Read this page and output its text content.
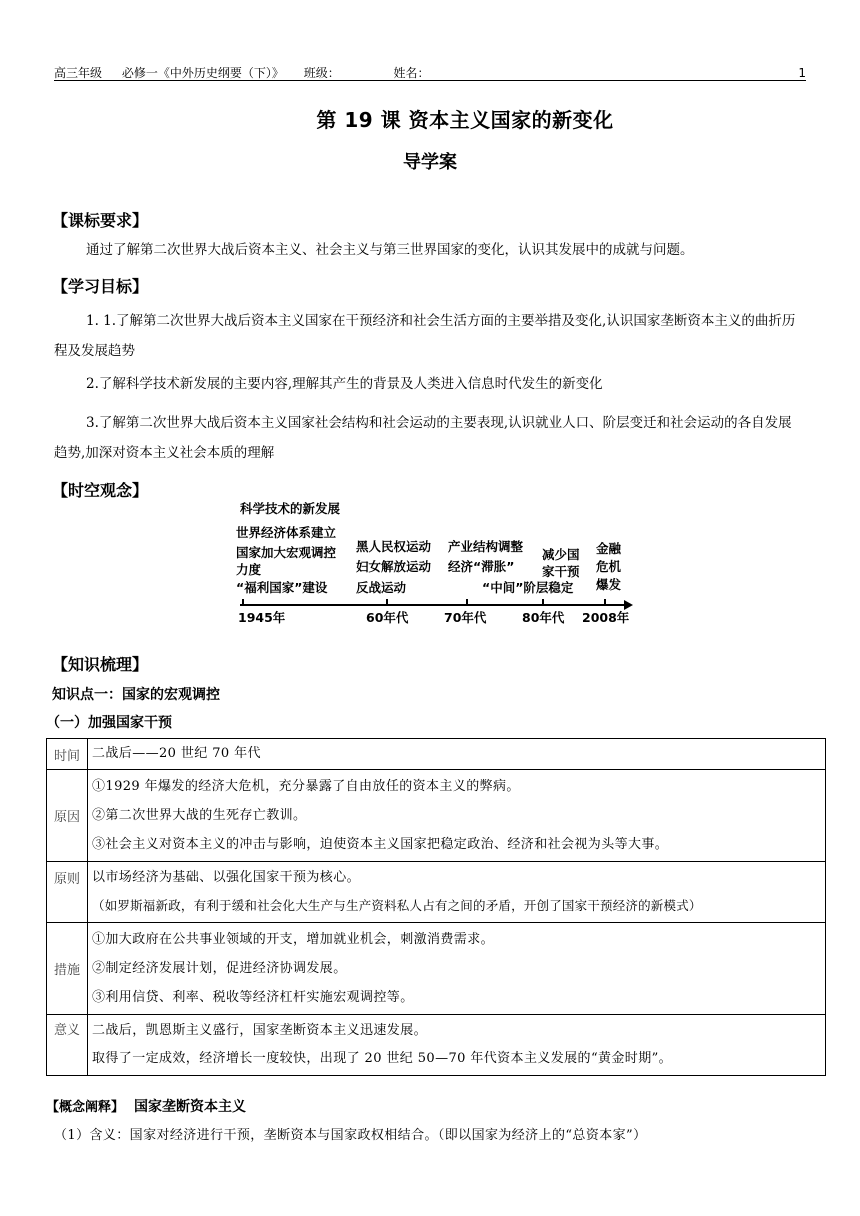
高三年级 必修一《中外历史纲要（下）》 班级：	姓名：	1
第 19 课 资本主义国家的新变化
导学案
【课标要求】
通过了解第二次世界大战后资本主义、社会主义与第三世界国家的变化，认识其发展中的成就与问题。
【学习目标】
1. 1.了解第二次世界大战后资本主义国家在干预经济和社会生活方面的主要举措及变化,认识国家垄断资本主义的曲折历程及发展趋势
2.了解科学技术新发展的主要内容,理解其产生的背景及人类进入信息时代发生的新变化
3.了解第二次世界大战后资本主义国家社会结构和社会运动的主要表现,认识就业人口、阶层变迁和社会运动的各自发展趋势,加深对资本主义社会本质的理解
【时空观念】
科学技术的新发展
世界经济体系建立
国家加大宏观调控
力度
“福利国家”建设
黑人民权运动
妇女解放运动
反战运动
产业结构调整
经济“滞胀”
“中间”阶层稳定
减少国
家干预
金融
危机
爆发
1945年	60年代	70年代	80年代 2008年
【知识梳理】
知识点一：国家的宏观调控
（一）加强国家干预
时间	二战后——20 世纪 70 年代

原因	①1929 年爆发的经济大危机，充分暴露了自由放任的资本主义的弊病。
②第二次世界大战的生死存亡教训。
③社会主义对资本主义的冲击与影响，迫使资本主义国家把稳定政治、经济和社会视为头等大事。

原则	以市场经济为基础、以强化国家干预为核心。
（如罗斯福新政，有利于缓和社会化大生产与生产资料私人占有之间的矛盾，开创了国家干预经济的新模式）

措施	①加大政府在公共事业领域的开支，增加就业机会，刺激消费需求。
②制定经济发展计划，促进经济协调发展。
③利用信贷、利率、税收等经济杠杆实施宏观调控等。

意义	二战后，凯恩斯主义盛行，国家垄断资本主义迅速发展。
取得了一定成效，经济增长一度较快，出现了 20 世纪 50—70 年代资本主义发展的“黄金时期”。
【概念阐释】 国家垄断资本主义
（1）含义：国家对经济进行干预，垄断资本与国家政权相结合。（即以国家为经济上的“总资本家”）
